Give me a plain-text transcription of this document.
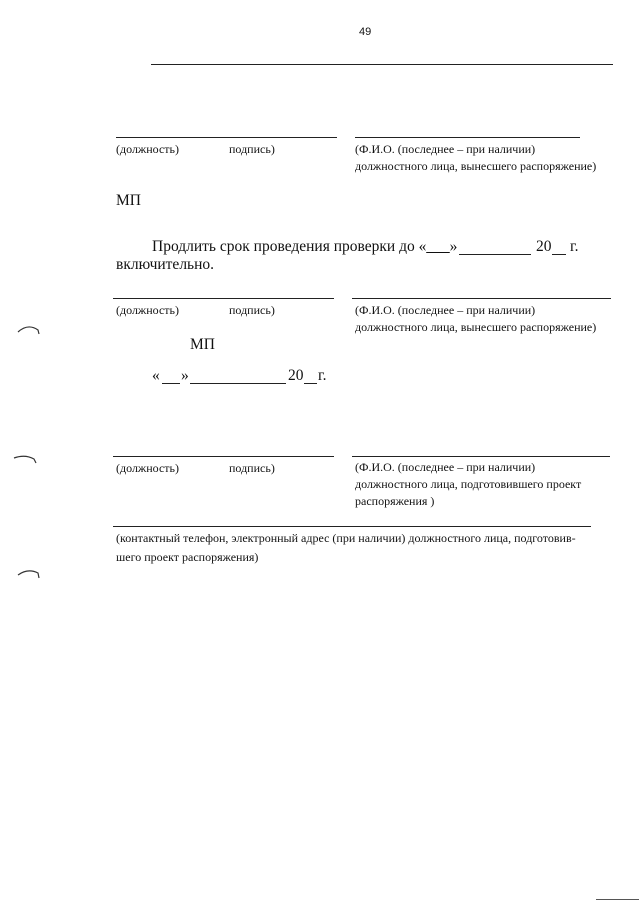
49
(должность)	подпись)	(Ф.И.О. (последнее – при наличии)
должностного лица, вынесшего распоряжение)
МП
Продлить срок проведения проверки до «___»	20 г.
включительно.
(должность)	подпись)	(Ф.И.О. (последнее – при наличии)
должностного лица, вынесшего распоряжение)
МП
« »	20 г.
(должность)	подпись)	(Ф.И.О. (последнее – при наличии)
должностного лица, подготовившего проект
распоряжения )
(контактный телефон, электронный адрес (при наличии) должностного лица, подготовив-
шего проект распоряжения)
